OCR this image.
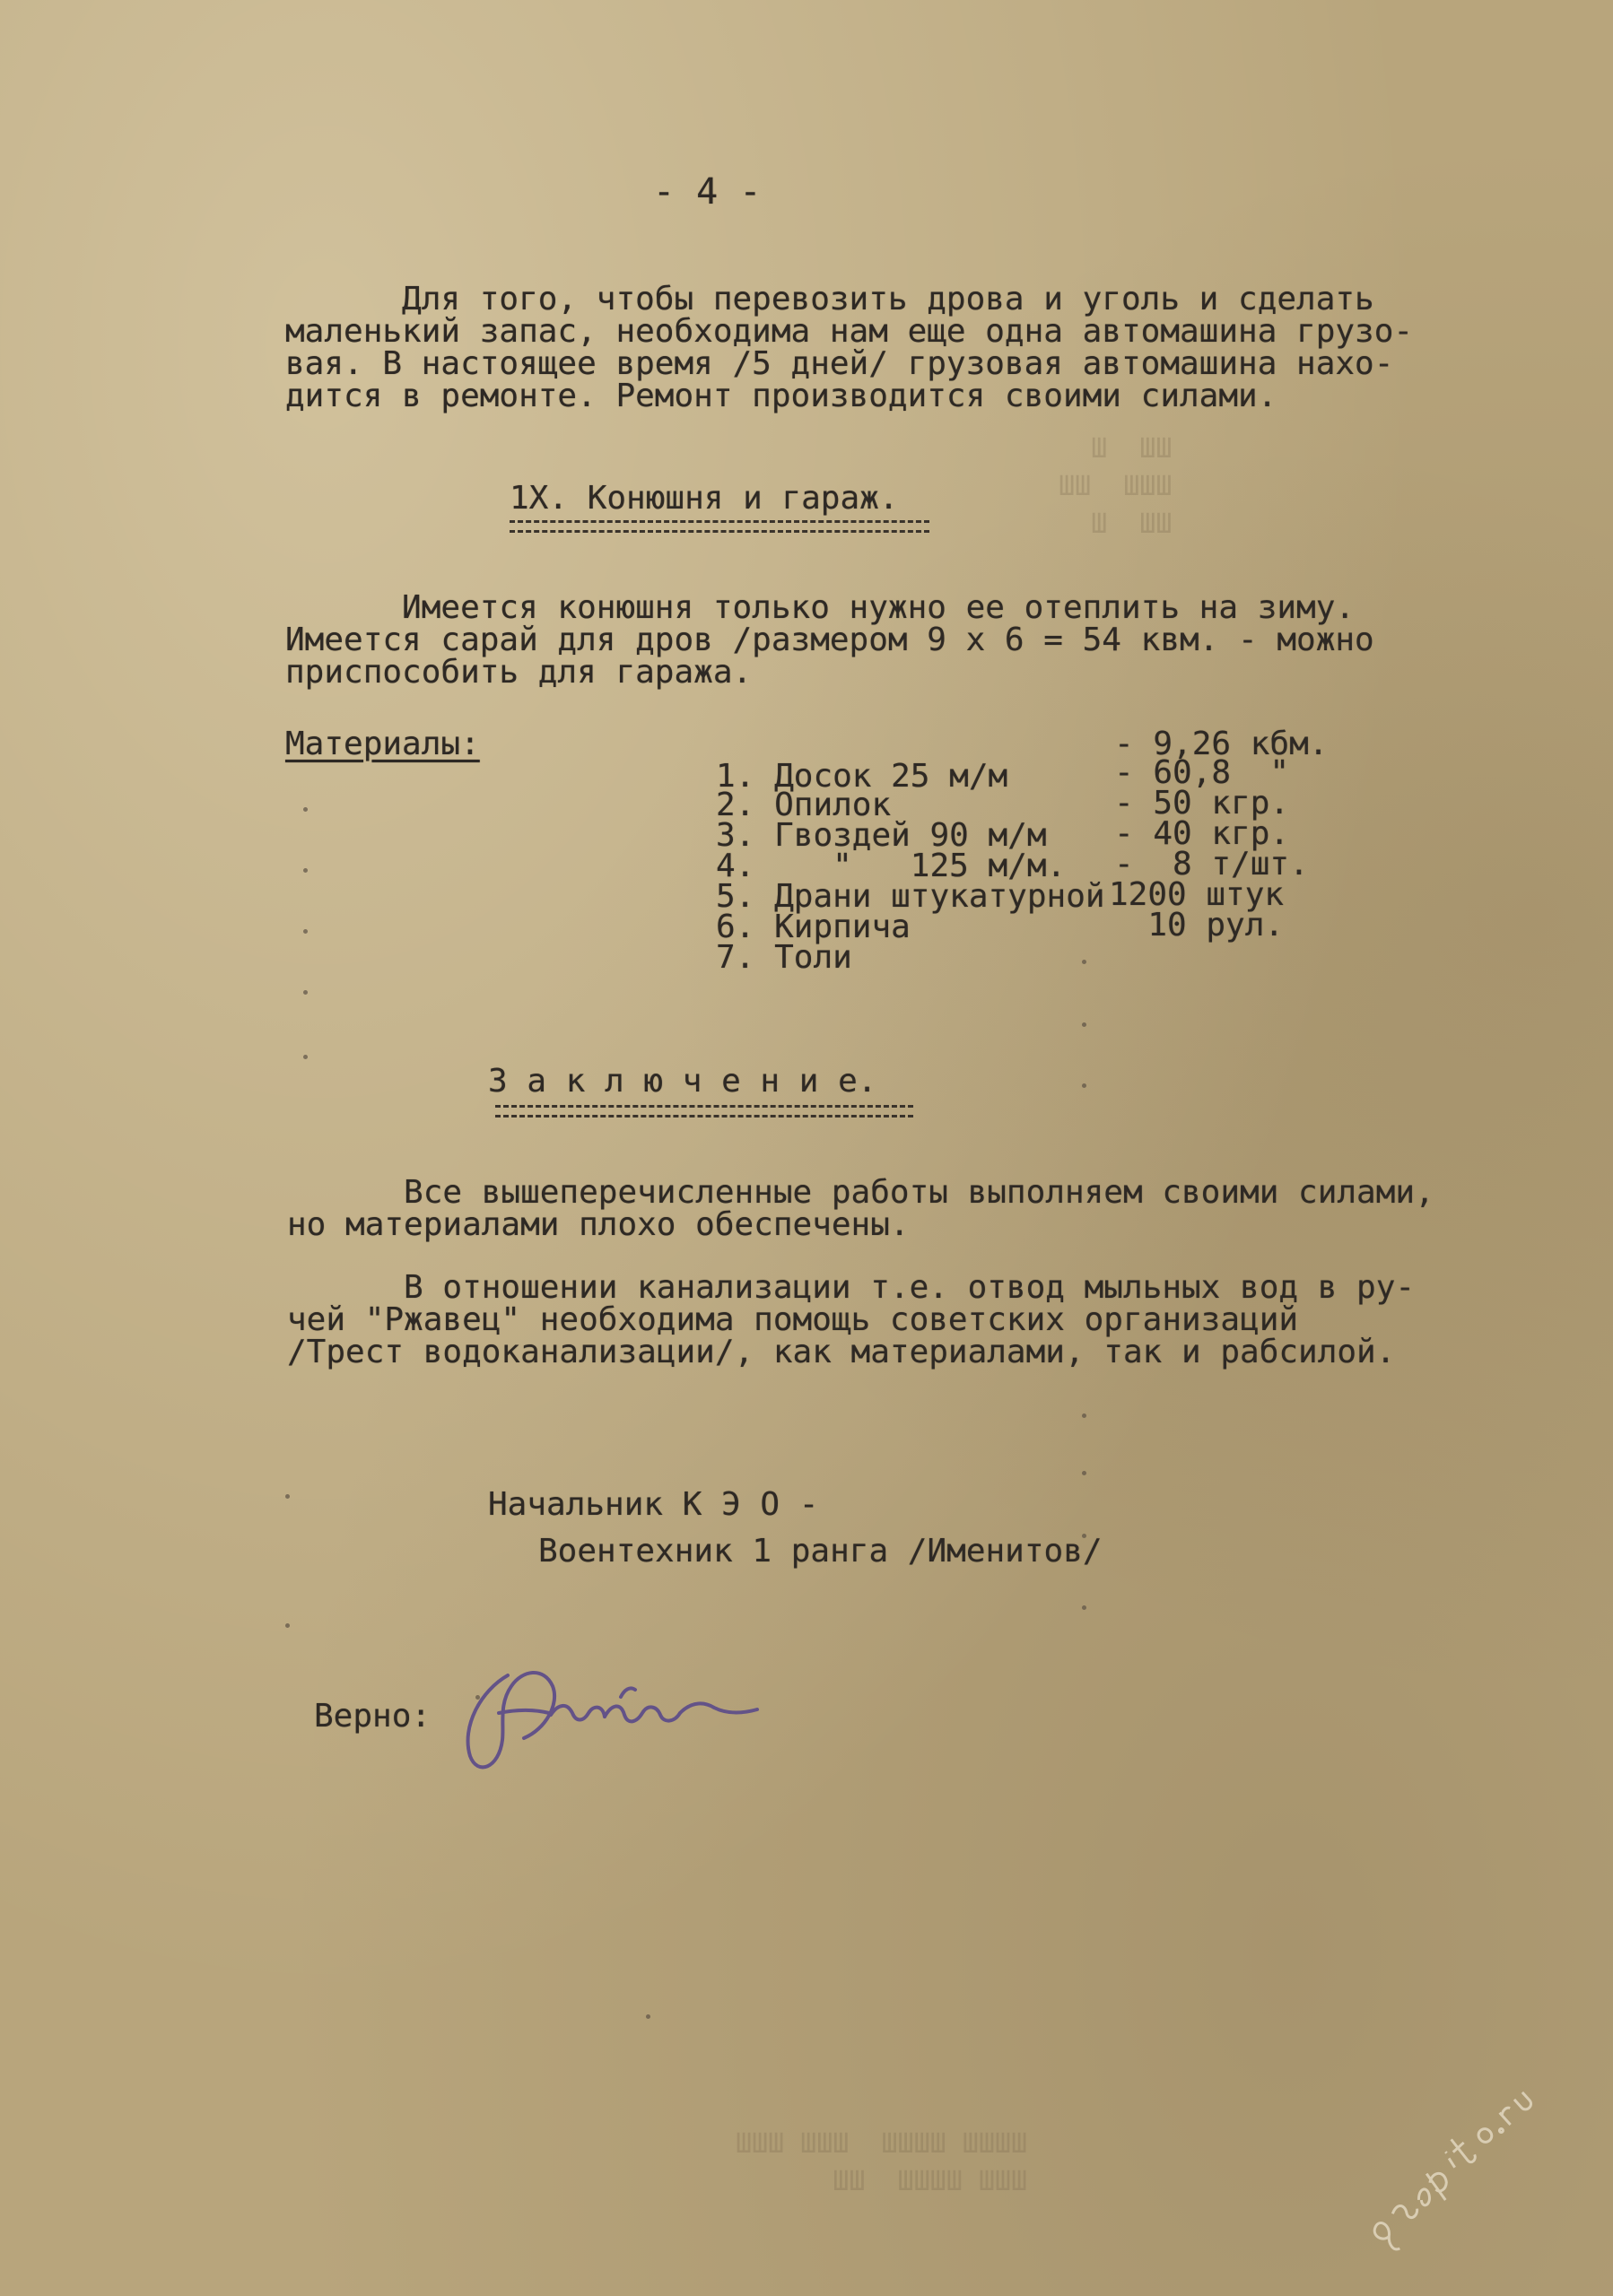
ШШ  Ш
ШШШ  ШШ
ШШ  Ш
ШШШШ ШШШШ  ШШШ ШШШ
ШШШ ШШШШ  ШШ
- 4 -
Для того, чтобы перевозить дрова и уголь и сделать
маленький запас, необходима нам еще одна автомашина грузо-
вая. В настоящее время /5 дней/ грузовая автомашина нахо-
дится в ремонте. Ремонт производится своими силами.
1Х. Конюшня и гараж.
Имеется конюшня только нужно ее отеплить на зиму.
Имеется сарай для дров /размером 9 х 6 = 54 квм. - можно
приспособить для гаража.
Материалы:

1. Досок 25 м/м

- 9,26 кбм.

2. Опилок

- 60,8  "

3. Гвоздей 90 м/м

- 50 кгр.

4.    "   125 м/м.

- 40 кгр.

5. Драни штукатурной

-  8 т/шт.

6. Кирпича

1200 штук

7. Толи

10 рул.
З а к л ю ч е н и е.
Все вышеперечисленные работы выполняем своими силами,
но материалами плохо обеспечены.
В отношении канализации т.е. отвод мыльных вод в ру-
чей "Ржавец" необходима помощь советских организаций
/Трест водоканализации/, как материалами, так и рабсилой.
Начальник К Э О -
Воентехник 1 ранга /Именитов/
Верно:
